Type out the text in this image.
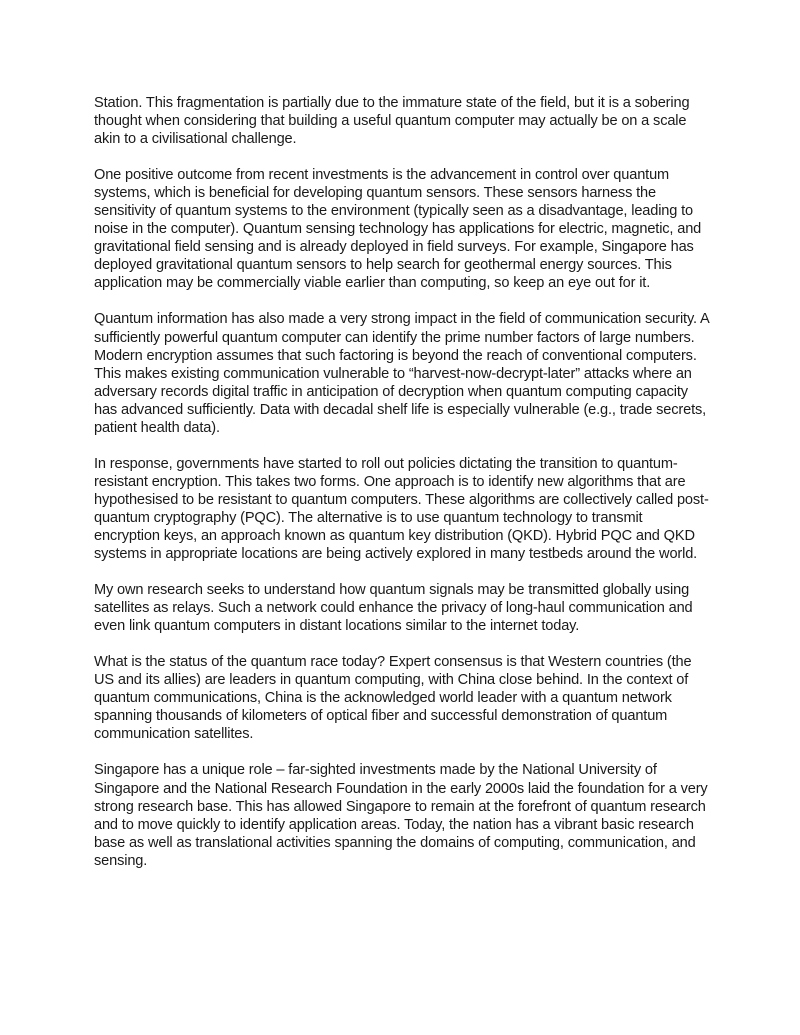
Station. This fragmentation is partially due to the immature state of the field, but it is a sobering thought when considering that building a useful quantum computer may actually be on a scale akin to a civilisational challenge.

One positive outcome from recent investments is the advancement in control over quantum systems, which is beneficial for developing quantum sensors. These sensors harness the sensitivity of quantum systems to the environment (typically seen as a disadvantage, leading to noise in the computer). Quantum sensing technology has applications for electric, magnetic, and gravitational field sensing and is already deployed in field surveys. For example, Singapore has deployed gravitational quantum sensors to help search for geothermal energy sources. This application may be commercially viable earlier than computing, so keep an eye out for it.

Quantum information has also made a very strong impact in the field of communication security. A sufficiently powerful quantum computer can identify the prime number factors of large numbers. Modern encryption assumes that such factoring is beyond the reach of conventional computers. This makes existing communication vulnerable to “harvest-now-decrypt-later” attacks where an adversary records digital traffic in anticipation of decryption when quantum computing capacity has advanced sufficiently. Data with decadal shelf life is especially vulnerable (e.g., trade secrets, patient health data).

In response, governments have started to roll out policies dictating the transition to quantum-resistant encryption. This takes two forms. One approach is to identify new algorithms that are hypothesised to be resistant to quantum computers. These algorithms are collectively called post-quantum cryptography (PQC). The alternative is to use quantum technology to transmit encryption keys, an approach known as quantum key distribution (QKD). Hybrid PQC and QKD systems in appropriate locations are being actively explored in many testbeds around the world.

My own research seeks to understand how quantum signals may be transmitted globally using satellites as relays. Such a network could enhance the privacy of long-haul communication and even link quantum computers in distant locations similar to the internet today.

What is the status of the quantum race today? Expert consensus is that Western countries (the US and its allies) are leaders in quantum computing, with China close behind. In the context of quantum communications, China is the acknowledged world leader with a quantum network spanning thousands of kilometers of optical fiber and successful demonstration of quantum communication satellites.

Singapore has a unique role – far-sighted investments made by the National University of Singapore and the National Research Foundation in the early 2000s laid the foundation for a very strong research base. This has allowed Singapore to remain at the forefront of quantum research and to move quickly to identify application areas. Today, the nation has a vibrant basic research base as well as translational activities spanning the domains of computing, communication, and sensing.
